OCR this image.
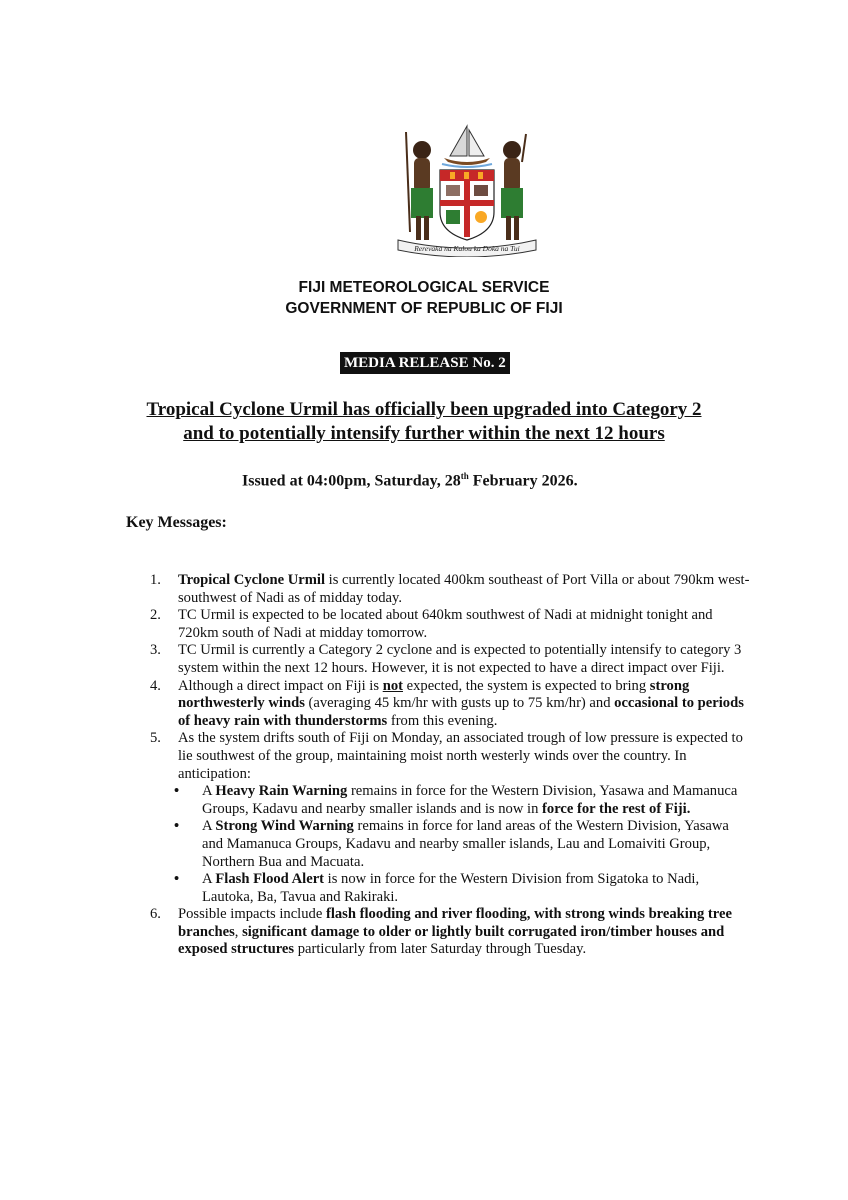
Rerevaka na Kalou ka Doka na Tui
FIJI METEOROLOGICAL SERVICE
GOVERNMENT OF REPUBLIC OF FIJI
MEDIA RELEASE No. 2
Tropical Cyclone Urmil has officially been upgraded into Category 2
and to potentially intensify further within the next 12 hours
Issued at 04:00pm, Saturday, 28th February 2026.
Key Messages:
1. Tropical Cyclone Urmil is currently located 400km southeast of Port Villa or about 790km west-southwest of Nadi as of midday today.
2. TC Urmil is expected to be located about 640km southwest of Nadi at midnight tonight and 720km south of Nadi at midday tomorrow.
3. TC Urmil is currently a Category 2 cyclone and is expected to potentially intensify to category 3 system within the next 12 hours. However, it is not expected to have a direct impact over Fiji.
4. Although a direct impact on Fiji is not expected, the system is expected to bring strong northwesterly winds (averaging 45 km/hr with gusts up to 75 km/hr) and occasional to periods of heavy rain with thunderstorms from this evening.
5. As the system drifts south of Fiji on Monday, an associated trough of low pressure is expected to lie southwest of the group, maintaining moist north westerly winds over the country. In anticipation:
• A Heavy Rain Warning remains in force for the Western Division, Yasawa and Mamanuca Groups, Kadavu and nearby smaller islands and is now in force for the rest of Fiji.
• A Strong Wind Warning remains in force for land areas of the Western Division, Yasawa and Mamanuca Groups, Kadavu and nearby smaller islands, Lau and Lomaiviti Group, Northern Bua and Macuata.
• A Flash Flood Alert is now in force for the Western Division from Sigatoka to Nadi, Lautoka, Ba, Tavua and Rakiraki.
6. Possible impacts include flash flooding and river flooding, with strong winds breaking tree branches, significant damage to older or lightly built corrugated iron/timber houses and exposed structures particularly from later Saturday through Tuesday.
